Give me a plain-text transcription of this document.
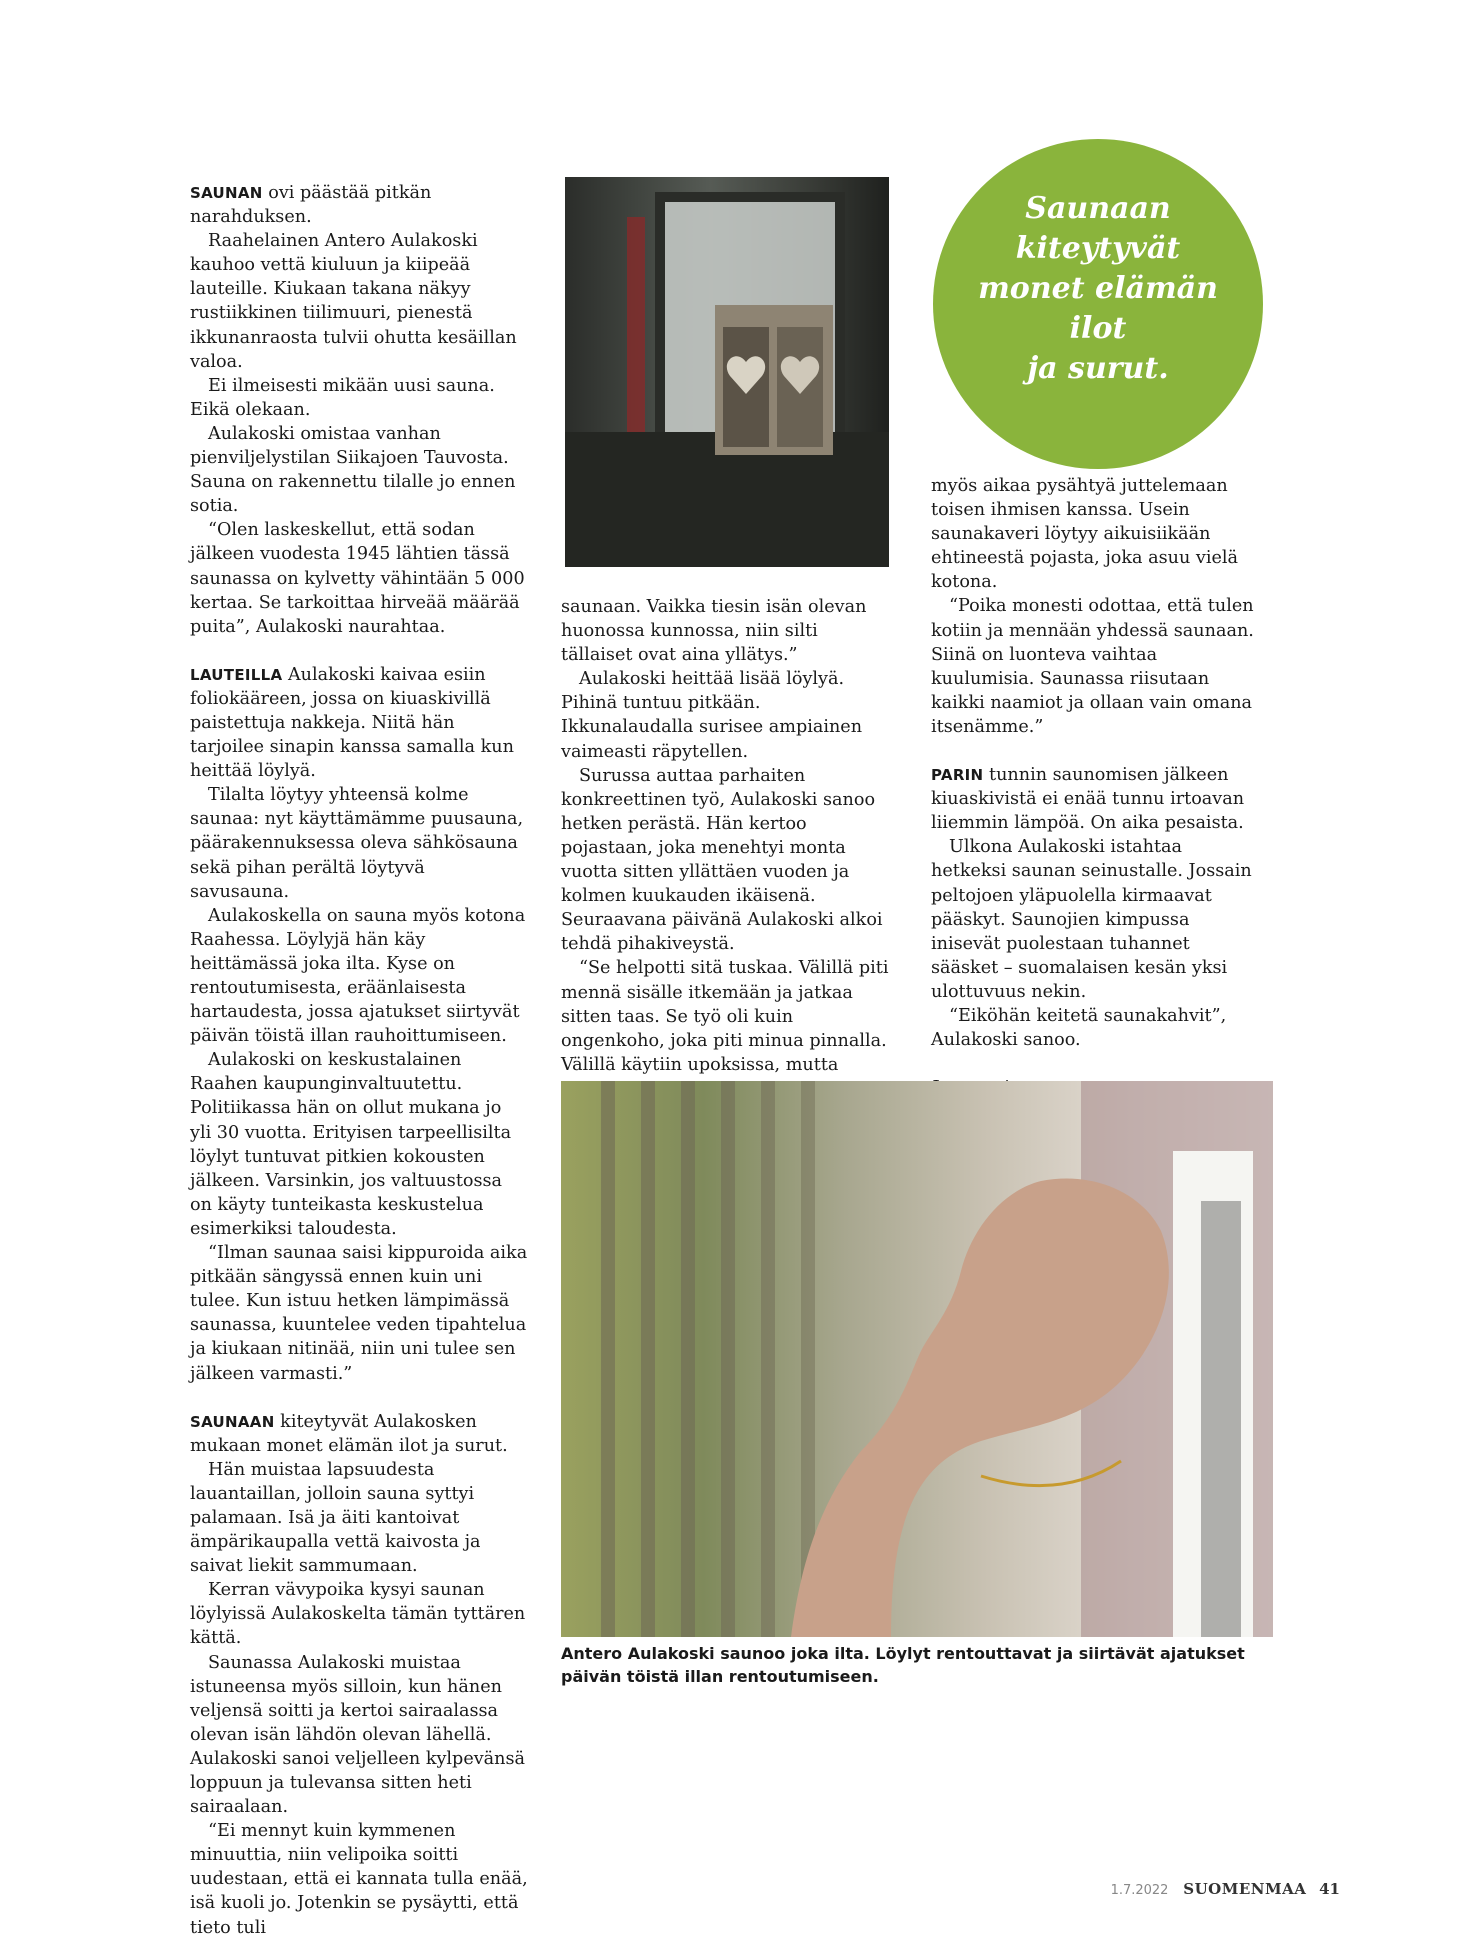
SAUNAN ovi päästää pitkän narahduksen.

Raahelainen Antero Aulakoski kauhoo vettä kiuluun ja kiipeää lauteille. Kiukaan takana näkyy rustiikkinen tiilimuuri, pienestä ikkunanraosta tulvii ohutta kesäillan valoa.

Ei ilmeisesti mikään uusi sauna. Eikä olekaan.

Aulakoski omistaa vanhan pienviljelystilan Siikajoen Tauvosta. Sauna on rakennettu tilalle jo ennen sotia.

“Olen laskeskellut, että sodan jälkeen vuodesta 1945 lähtien tässä saunassa on kylvetty vähintään 5 000 kertaa. Se tarkoittaa hirveää määrää puita”, Aulakoski naurahtaa.

LAUTEILLA Aulakoski kaivaa esiin foliokääreen, jossa on kiuaskivillä paistettuja nakkeja. Niitä hän tarjoilee sinapin kanssa samalla kun heittää löylyä.

Tilalta löytyy yhteensä kolme saunaa: nyt käyttämämme puusauna, päärakennuksessa oleva sähkösauna sekä pihan perältä löytyvä savusauna.

Aulakoskella on sauna myös kotona Raahessa. Löylyjä hän käy heittämässä joka ilta. Kyse on rentoutumisesta, eräänlaisesta hartaudesta, jossa ajatukset siirtyvät päivän töistä illan rauhoittumiseen.

Aulakoski on keskustalainen Raahen kaupunginvaltuutettu. Politiikassa hän on ollut mukana jo yli 30 vuotta. Erityisen tarpeellisilta löylyt tuntuvat pitkien kokousten jälkeen. Varsinkin, jos valtuustossa on käyty tunteikasta keskustelua esimerkiksi taloudesta.

“Ilman saunaa saisi kippuroida aika pitkään sängyssä ennen kuin uni tulee. Kun istuu hetken lämpimässä saunassa, kuuntelee veden tipahtelua ja kiukaan nitinää, niin uni tulee sen jälkeen varmasti.”

SAUNAAN kiteytyvät Aulakosken mukaan monet elämän ilot ja surut.

Hän muistaa lapsuudesta lauantaillan, jolloin sauna syttyi palamaan. Isä ja äiti kantoivat ämpärikaupalla vettä kaivosta ja saivat liekit sammumaan.

Kerran vävypoika kysyi saunan löylyissä Aulakoskelta tämän tyttären kättä.

Saunassa Aulakoski muistaa istuneensa myös silloin, kun hänen veljensä soitti ja kertoi sairaalassa olevan isän lähdön olevan lähellä. Aulakoski sanoi veljelleen kylpevänsä loppuun ja tulevansa sitten heti sairaalaan.

“Ei mennyt kuin kymmenen minuuttia, niin velipoika soitti uudestaan, että ei kannata tulla enää, isä kuoli jo. Jotenkin se pysäytti, että tieto tuli

Saunaan
kiteytyvät
monet elämän ilot
ja surut.

saunaan. Vaikka tiesin isän olevan huonossa kunnossa, niin silti tällaiset ovat aina yllätys.”

Aulakoski heittää lisää löylyä. Pihinä tuntuu pitkään. Ikkunalaudalla surisee ampiainen vaimeasti räpytellen.

Surussa auttaa parhaiten konkreettinen työ, Aulakoski sanoo hetken perästä. Hän kertoo pojastaan, joka menehtyi monta vuotta sitten yllättäen vuoden ja kolmen kuukauden ikäisenä. Seuraavana päivänä Aulakoski alkoi tehdä pihakiveystä.

“Se helpotti sitä tuskaa. Välillä piti mennä sisälle itkemään ja jatkaa sitten taas. Se työ oli kuin ongenkoho, joka piti minua pinnalla. Välillä käytiin upoksissa, mutta

myös aikaa pysähtyä juttelemaan toisen ihmisen kanssa. Usein saunakaveri löytyy aikuisiikään ehtineestä pojasta, joka asuu vielä kotona.

“Poika monesti odottaa, että tulen kotiin ja mennään yhdessä saunaan. Siinä on luonteva vaihtaa kuulumisia. Saunassa riisutaan kaikki naamiot ja ollaan vain omana itsenämme.”

PARIN tunnin saunomisen jälkeen kiuaskivistä ei enää tunnu irtoavan liiemmin lämpöä. On aika pesaista.

Ulkona Aulakoski istahtaa hetkeksi saunan seinustalle. Jossain peltojoen yläpuolella kirmaavat pääskyt. Saunojien kimpussa inisevät puolestaan tuhannet sääsket – suomalaisen kesän yksi ulottuvuus nekin.

“Eiköhän keitetä saunakahvit”, Aulakoski sanoo.

Antero Aulakoski saunoo joka ilta. Löylyt rentouttavat ja siirtävät ajatukset päivän töistä illan rentoutumiseen.
1.7.2022 SUOMENMAA 41
